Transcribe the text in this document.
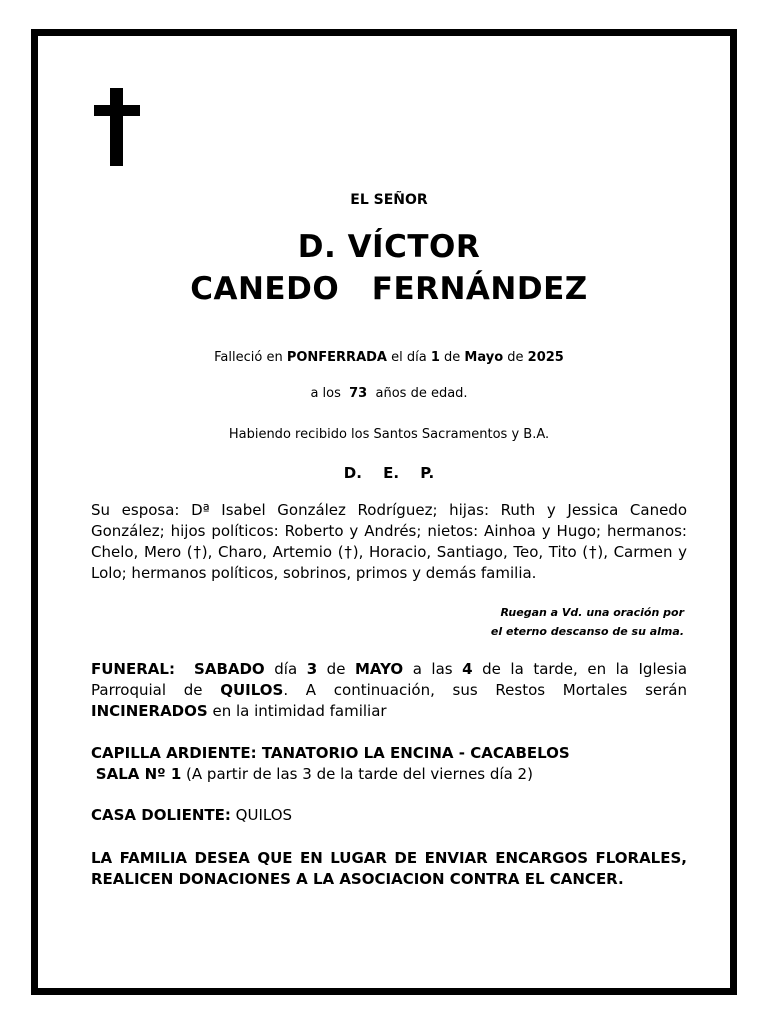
EL SEÑOR
D. VÍCTOR
CANEDO  FERNÁNDEZ
Falleció en PONFERRADA el día 1 de Mayo de 2025
a los 73 años de edad.
Habiendo recibido los Santos Sacramentos y B.A.
D. E. P.
Su esposa: Dª Isabel González Rodríguez; hijas: Ruth y Jessica Canedo González; hijos políticos: Roberto y Andrés; nietos: Ainhoa y Hugo; hermanos: Chelo, Mero (†), Charo, Artemio (†), Horacio, Santiago, Teo, Tito (†), Carmen y Lolo; hermanos políticos, sobrinos, primos y demás familia.
Ruegan a Vd. una oración por
el eterno descanso de su alma.
FUNERAL: SABADO día 3 de MAYO a las 4 de la tarde, en la Iglesia Parroquial de QUILOS. A continuación, sus Restos Mortales serán INCINERADOS en la intimidad familiar
CAPILLA ARDIENTE: TANATORIO LA ENCINA - CACABELOS
SALA Nº 1 (A partir de las 3 de la tarde del viernes día 2)
CASA DOLIENTE: QUILOS
LA FAMILIA DESEA QUE EN LUGAR DE ENVIAR ENCARGOS FLORALES, REALICEN DONACIONES A LA ASOCIACION CONTRA EL CANCER.
